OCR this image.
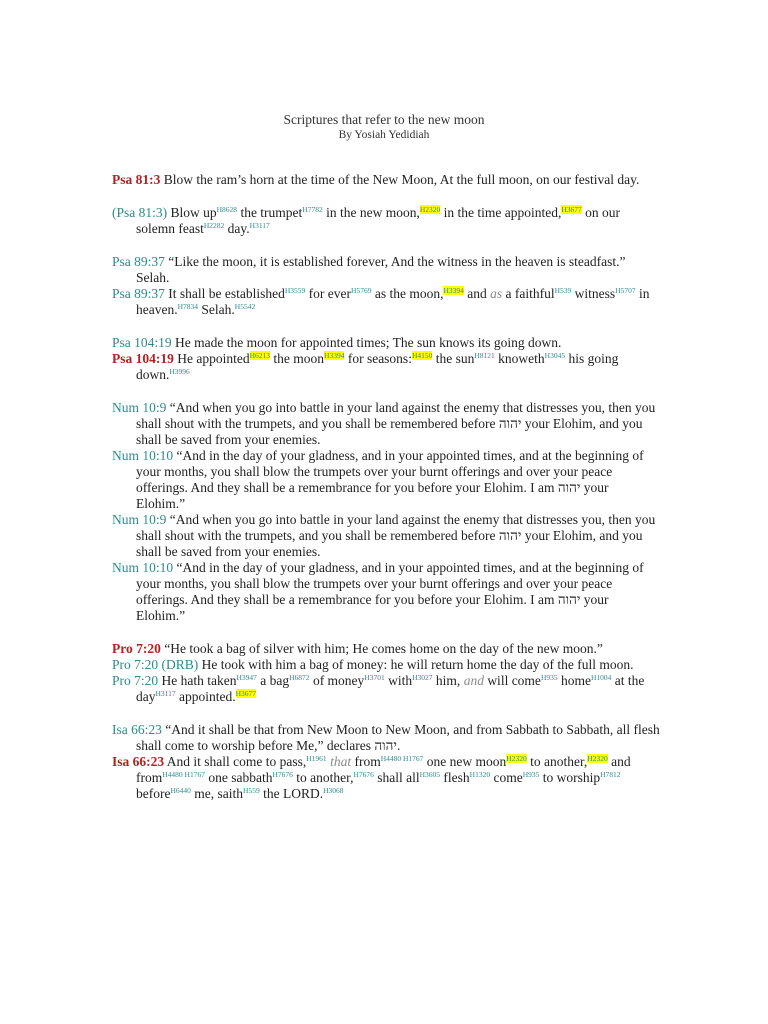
Scriptures that refer to the new moon
By Yosiah Yedidiah

Psa 81:3 Blow the ram’s horn at the time of the New Moon, At the full moon, on our festival day.

(Psa 81:3) Blow $up^{H8628}$ the trumpet$^{H7782}$ in the new moon,$^{H2320}$ in the time appointed,$^{H3677}$ on our solemn feast$^{H2282}$ day.$^{H3117}$

Psa 89:37 “Like the moon, it is established forever, And the witness in the heaven is steadfast.” Selah.

Psa 89:37 It shall be established$^{H3559}$ for ever$^{H5769}$ as the moon,$^{H3394}$ and as a faithful$^{H539}$ witness$^{H5707}$ in heaven.$^{H7834}$ Selah.$^{H5542}$

Psa 104:19 He made the moon for appointed times; The sun knows its going down.

Psa 104:19 He appointed$^{H6213}$ the moon$^{H3394}$ for seasons:$^{H4150}$ the sun$^{H8121}$ knoweth$^{H3045}$ his going down.$^{H3996}$

Num 10:9 “And when you go into battle in your land against the enemy that distresses you, then you shall shout with the trumpets, and you shall be remembered before יהוה your Elohim, and you shall be saved from your enemies.

Num 10:10 “And in the day of your gladness, and in your appointed times, and at the beginning of your months, you shall blow the trumpets over your burnt offerings and over your peace offerings. And they shall be a remembrance for you before your Elohim. I am יהוה your Elohim.”

Num 10:9 “And when you go into battle in your land against the enemy that distresses you, then you shall shout with the trumpets, and you shall be remembered before יהוה your Elohim, and you shall be saved from your enemies.

Num 10:10 “And in the day of your gladness, and in your appointed times, and at the beginning of your months, you shall blow the trumpets over your burnt offerings and over your peace offerings. And they shall be a remembrance for you before your Elohim. I am יהוה your Elohim.”

Pro 7:20 “He took a bag of silver with him; He comes home on the day of the new moon.”

Pro 7:20 (DRB) He took with him a bag of money: he will return home the day of the full moon.

Pro 7:20 He hath taken$^{H3947}$ a bag$^{H6872}$ of money$^{H3701}$ with$^{H3027}$ him, and will come$^{H935}$ home$^{H1004}$ at the day$^{H3117}$ appointed.$^{H3677}$

Isa 66:23 “And it shall be that from New Moon to New Moon, and from Sabbath to Sabbath, all flesh shall come to worship before Me,” declares יהוה.

Isa 66:23 And it shall come to pass,$^{H1961}$ that from$^{H4480 H1767}$ one new moon$^{H2320}$ to another,$^{H2320}$ and from$^{H4480 H1767}$ one sabbath$^{H7676}$ to another,$^{H7676}$ shall all$^{H3605}$ flesh$^{H1320}$ come$^{H935}$ to worship$^{H7812}$ before$^{H6440}$ me, saith$^{H559}$ the LORD.$^{H3068}$
